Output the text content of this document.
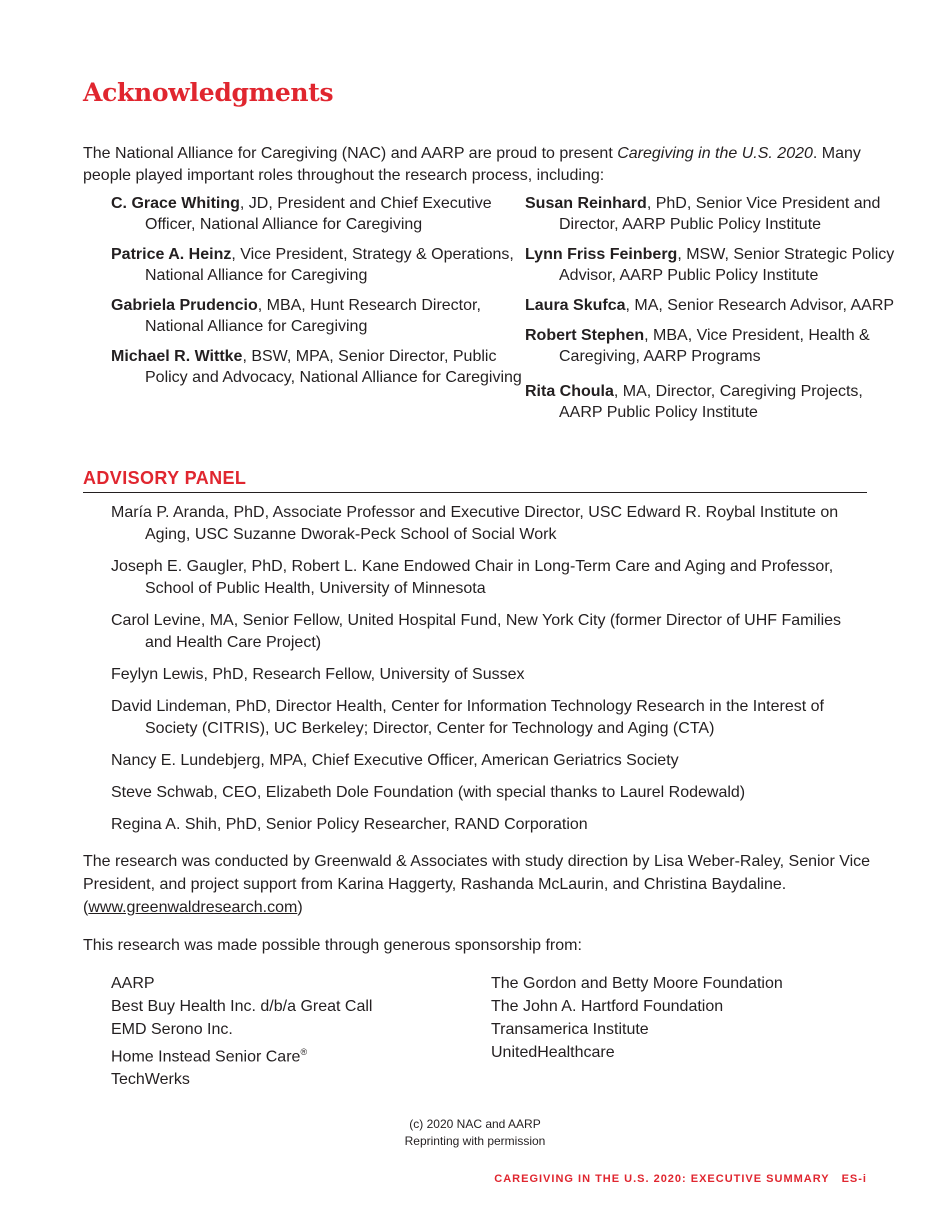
Acknowledgments
The National Alliance for Caregiving (NAC) and AARP are proud to present Caregiving in the U.S. 2020. Many people played important roles throughout the research process, including:
C. Grace Whiting, JD, President and Chief Executive Officer, National Alliance for Caregiving
Patrice A. Heinz, Vice President, Strategy & Operations, National Alliance for Caregiving
Gabriela Prudencio, MBA, Hunt Research Director, National Alliance for Caregiving
Michael R. Wittke, BSW, MPA, Senior Director, Public Policy and Advocacy, National Alliance for Caregiving
Susan Reinhard, PhD, Senior Vice President and Director, AARP Public Policy Institute
Lynn Friss Feinberg, MSW, Senior Strategic Policy Advisor, AARP Public Policy Institute
Laura Skufca, MA, Senior Research Advisor, AARP
Robert Stephen, MBA, Vice President, Health & Caregiving, AARP Programs
Rita Choula, MA, Director, Caregiving Projects, AARP Public Policy Institute
ADVISORY PANEL
María P. Aranda, PhD, Associate Professor and Executive Director, USC Edward R. Roybal Institute on Aging, USC Suzanne Dworak-Peck School of Social Work
Joseph E. Gaugler, PhD, Robert L. Kane Endowed Chair in Long-Term Care and Aging and Professor, School of Public Health, University of Minnesota
Carol Levine, MA, Senior Fellow, United Hospital Fund, New York City (former Director of UHF Families and Health Care Project)
Feylyn Lewis, PhD, Research Fellow, University of Sussex
David Lindeman, PhD, Director Health, Center for Information Technology Research in the Interest of Society (CITRIS), UC Berkeley; Director, Center for Technology and Aging (CTA)
Nancy E. Lundebjerg, MPA, Chief Executive Officer, American Geriatrics Society
Steve Schwab, CEO, Elizabeth Dole Foundation (with special thanks to Laurel Rodewald)
Regina A. Shih, PhD, Senior Policy Researcher, RAND Corporation
The research was conducted by Greenwald & Associates with study direction by Lisa Weber-Raley, Senior Vice President, and project support from Karina Haggerty, Rashanda McLaurin, and Christina Baydaline. (www.greenwaldresearch.com)
This research was made possible through generous sponsorship from:
AARP
Best Buy Health Inc. d/b/a Great Call
EMD Serono Inc.
Home Instead Senior Care®
TechWerks
The Gordon and Betty Moore Foundation
The John A. Hartford Foundation
Transamerica Institute
UnitedHealthcare
(c) 2020 NAC and AARP
Reprinting with permission
CAREGIVING IN THE U.S. 2020: EXECUTIVE SUMMARY ES-i
